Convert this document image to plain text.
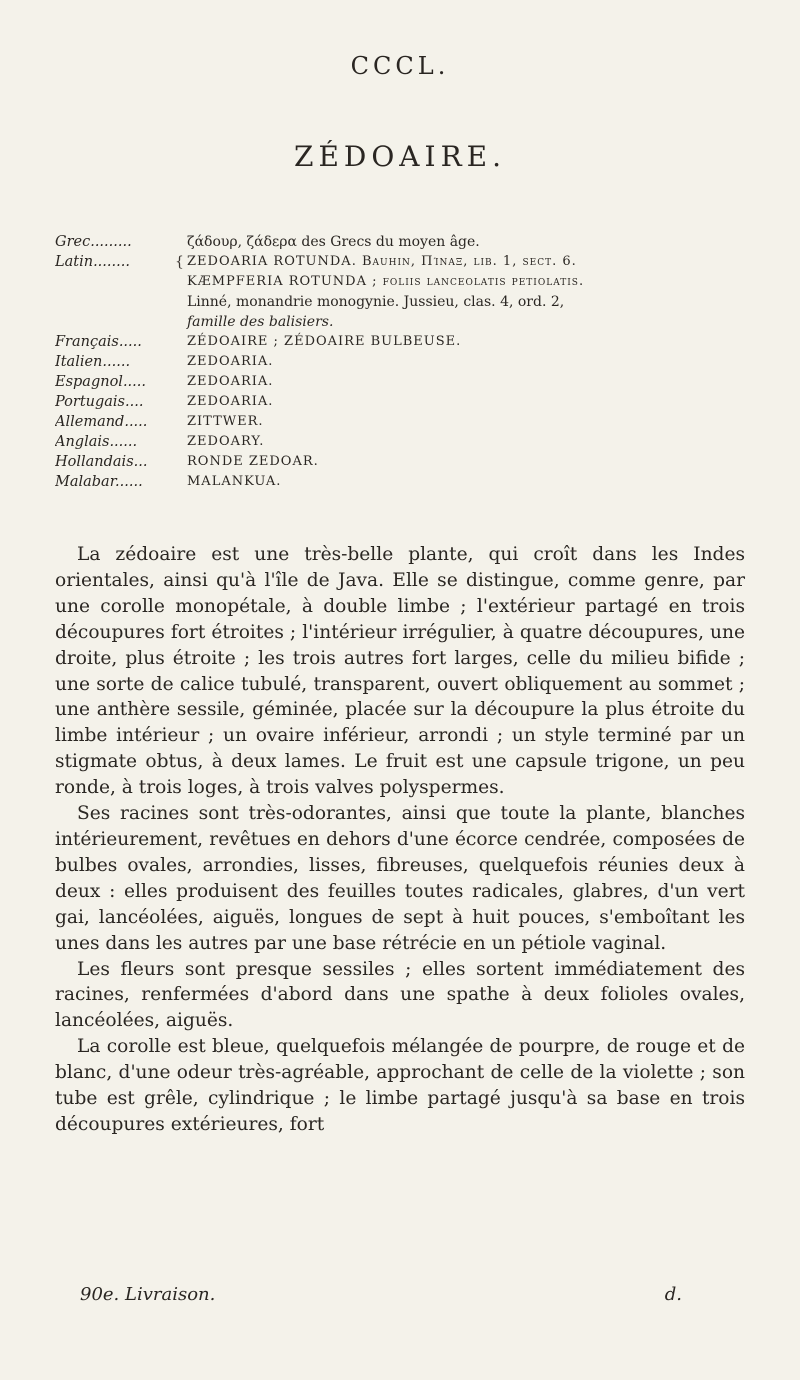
CCCL.
ZÉDOAIRE.
Grec.........	ζάδουρ, ζάδερα des Grecs du moyen âge.
Latin........	{ ZEDOARIA ROTUNDA. Bauhin, Πίναξ, lib. 1, sect. 6.
KÆMPFERIA ROTUNDA ; foliis lanceolatis petiolatis.
Linné, monandrie monogynie. Jussieu, clas. 4, ord. 2,
famille des balisiers.
Français.....	ZÉDOAIRE ; ZÉDOAIRE BULBEUSE.
Italien......	ZEDOARIA.
Espagnol.....	ZEDOARIA.
Portugais....	ZEDOARIA.
Allemand.....	ZITTWER.
Anglais......	ZEDOARY.
Hollandais...	RONDE ZEDOAR.
Malabar......	MALANKUA.

La zédoaire est une très-belle plante, qui croît dans les Indes orientales, ainsi qu'à l'île de Java. Elle se distingue, comme genre, par une corolle monopétale, à double limbe ; l'extérieur partagé en trois découpures fort étroites ; l'intérieur irrégulier, à quatre découpures, une droite, plus étroite ; les trois autres fort larges, celle du milieu bifide ; une sorte de calice tubulé, transparent, ouvert obliquement au sommet ; une anthère sessile, géminée, placée sur la découpure la plus étroite du limbe intérieur ; un ovaire inférieur, arrondi ; un style terminé par un stigmate obtus, à deux lames. Le fruit est une capsule trigone, un peu ronde, à trois loges, à trois valves polyspermes.

Ses racines sont très-odorantes, ainsi que toute la plante, blanches intérieurement, revêtues en dehors d'une écorce cendrée, composées de bulbes ovales, arrondies, lisses, fibreuses, quelquefois réunies deux à deux : elles produisent des feuilles toutes radicales, glabres, d'un vert gai, lancéolées, aiguës, longues de sept à huit pouces, s'emboîtant les unes dans les autres par une base rétrécie en un pétiole vaginal.

Les fleurs sont presque sessiles ; elles sortent immédiatement des racines, renfermées d'abord dans une spathe à deux folioles ovales, lancéolées, aiguës.

La corolle est bleue, quelquefois mélangée de pourpre, de rouge et de blanc, d'une odeur très-agréable, approchant de celle de la violette ; son tube est grêle, cylindrique ; le limbe partagé jusqu'à sa base en trois découpures extérieures, fort

90e. Livraison.	d.
